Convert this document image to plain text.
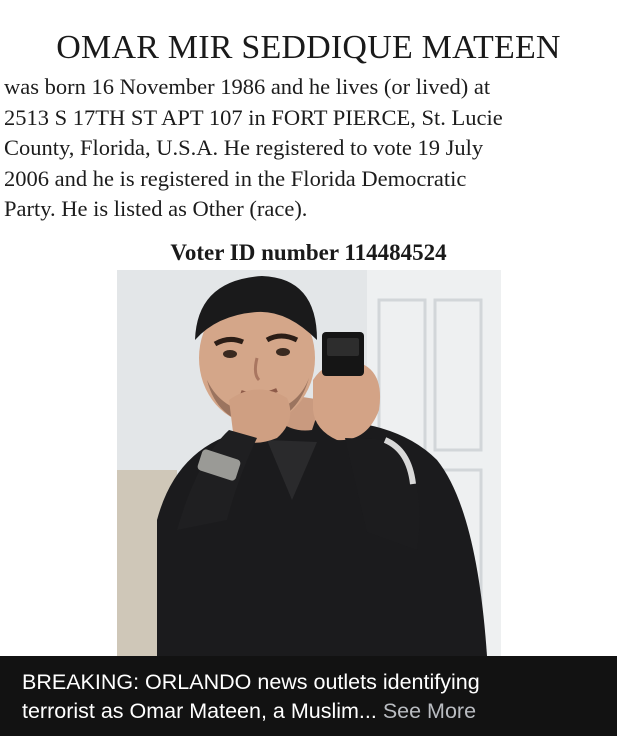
OMAR MIR SEDDIQUE MATEEN
was born 16 November 1986 and he lives (or lived) at
2513 S 17TH ST APT 107 in FORT PIERCE, St. Lucie
County, Florida, U.S.A. He registered to vote 19 July
2006 and he is registered in the Florida Democratic
Party. He is listed as Other (race).
Voter ID number 114484524
BREAKING: ORLANDO news outlets identifying
terrorist as Omar Mateen, a Muslim... See More
